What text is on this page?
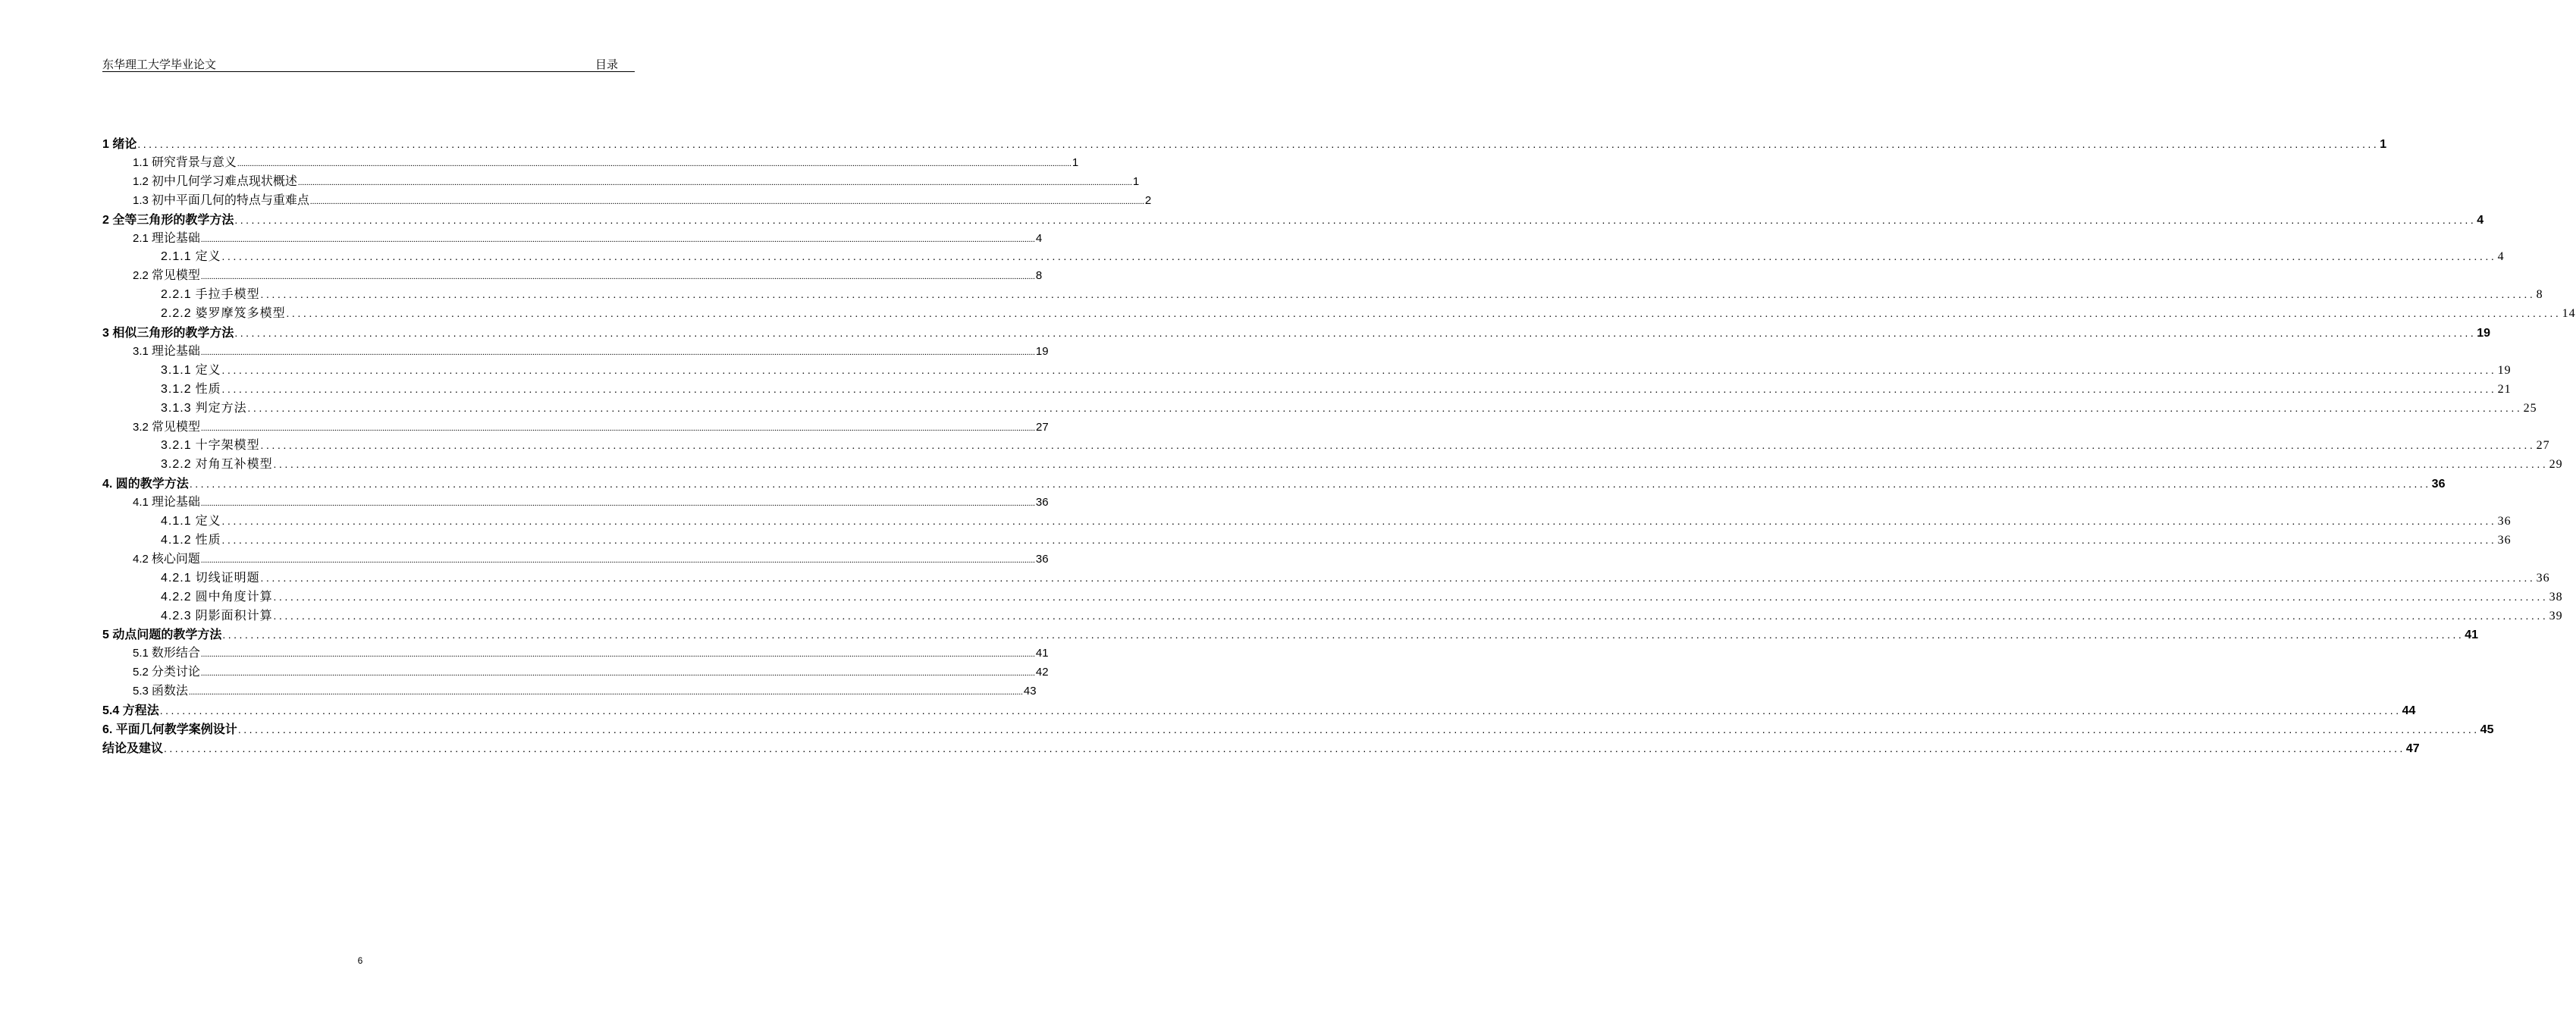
东华理工大学毕业论文	目录
1 绪论 ................................................................................................................................................................................................................................................................................................................................................................................................................ 1
1.1 研究背景与意义 ................................................................................................................................................................................................................................................................................................................................................................................................................ 1
1.2 初中几何学习难点现状概述 ................................................................................................................................................................................................................................................................................................................................................................................................................ 1
1.3 初中平面几何的特点与重难点 ................................................................................................................................................................................................................................................................................................................................................................................................................ 2
2 全等三角形的教学方法 ................................................................................................................................................................................................................................................................................................................................................................................................................ 4
2.1 理论基础 ................................................................................................................................................................................................................................................................................................................................................................................................................ 4
2.1.1 定义 ................................................................................................................................................................................................................................................................................................................................................................................................................ 4
2.2 常见模型 ................................................................................................................................................................................................................................................................................................................................................................................................................ 8
2.2.1 手拉手模型 ................................................................................................................................................................................................................................................................................................................................................................................................................ 8
2.2.2 婆罗摩笈多模型 ................................................................................................................................................................................................................................................................................................................................................................................................................ 14
3 相似三角形的教学方法 ................................................................................................................................................................................................................................................................................................................................................................................................................ 19
3.1 理论基础 ................................................................................................................................................................................................................................................................................................................................................................................................................ 19
3.1.1 定义 ................................................................................................................................................................................................................................................................................................................................................................................................................ 19
3.1.2 性质 ................................................................................................................................................................................................................................................................................................................................................................................................................ 21
3.1.3 判定方法 ................................................................................................................................................................................................................................................................................................................................................................................................................ 25
3.2 常见模型 ................................................................................................................................................................................................................................................................................................................................................................................................................ 27
3.2.1 十字架模型 ................................................................................................................................................................................................................................................................................................................................................................................................................ 27
3.2.2 对角互补模型 ................................................................................................................................................................................................................................................................................................................................................................................................................ 29
4. 圆的教学方法 ................................................................................................................................................................................................................................................................................................................................................................................................................ 36
4.1 理论基础 ................................................................................................................................................................................................................................................................................................................................................................................................................ 36
4.1.1 定义 ................................................................................................................................................................................................................................................................................................................................................................................................................ 36
4.1.2 性质 ................................................................................................................................................................................................................................................................................................................................................................................................................ 36
4.2 核心问题 ................................................................................................................................................................................................................................................................................................................................................................................................................ 36
4.2.1 切线证明题 ................................................................................................................................................................................................................................................................................................................................................................................................................ 36
4.2.2 圆中角度计算 ................................................................................................................................................................................................................................................................................................................................................................................................................ 38
4.2.3 阴影面积计算 ................................................................................................................................................................................................................................................................................................................................................................................................................ 39
5 动点问题的教学方法 ................................................................................................................................................................................................................................................................................................................................................................................................................ 41
5.1 数形结合 ................................................................................................................................................................................................................................................................................................................................................................................................................ 41
5.2 分类讨论 ................................................................................................................................................................................................................................................................................................................................................................................................................ 42
5.3 函数法 ................................................................................................................................................................................................................................................................................................................................................................................................................ 43
5.4 方程法 ................................................................................................................................................................................................................................................................................................................................................................................................................ 44
6. 平面几何教学案例设计 ................................................................................................................................................................................................................................................................................................................................................................................................................ 45
结论及建议 ................................................................................................................................................................................................................................................................................................................................................................................................................ 47
6
